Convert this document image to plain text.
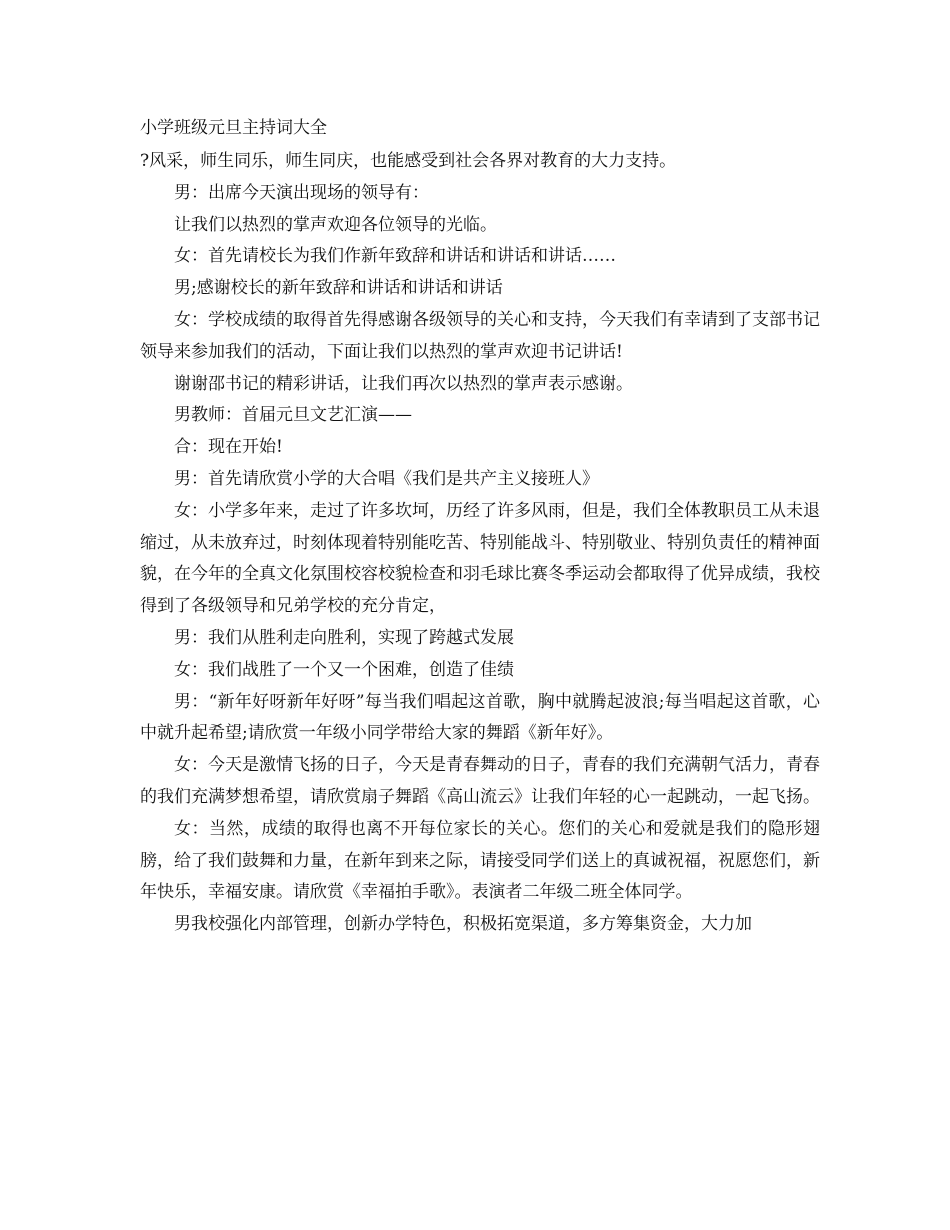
小学班级元旦主持词大全

?风采，师生同乐，师生同庆，也能感受到社会各界对教育的大力支持。

男：出席今天演出现场的领导有：

让我们以热烈的掌声欢迎各位领导的光临。

女：首先请校长为我们作新年致辞和讲话和讲话和讲话……

男;感谢校长的新年致辞和讲话和讲话和讲话

女：学校成绩的取得首先得感谢各级领导的关心和支持，今天我们有幸请到了支部书记领导来参加我们的活动，下面让我们以热烈的掌声欢迎书记讲话!

谢谢邵书记的精彩讲话，让我们再次以热烈的掌声表示感谢。

男教师：首届元旦文艺汇演——

合：现在开始!

男：首先请欣赏小学的大合唱《我们是共产主义接班人》

女：小学多年来，走过了许多坎坷，历经了许多风雨，但是，我们全体教职员工从未退缩过，从未放弃过，时刻体现着特别能吃苦、特别能战斗、特别敬业、特别负责任的精神面貌，在今年的全真文化氛围校容校貌检查和羽毛球比赛冬季运动会都取得了优异成绩，我校得到了各级领导和兄弟学校的充分肯定，

男：我们从胜利走向胜利，实现了跨越式发展

女：我们战胜了一个又一个困难，创造了佳绩

男：“新年好呀新年好呀”每当我们唱起这首歌，胸中就腾起波浪;每当唱起这首歌，心中就升起希望;请欣赏一年级小同学带给大家的舞蹈《新年好》。

女：今天是激情飞扬的日子，今天是青春舞动的日子，青春的我们充满朝气活力，青春的我们充满梦想希望，请欣赏扇子舞蹈《高山流云》让我们年轻的心一起跳动，一起飞扬。

女：当然，成绩的取得也离不开每位家长的关心。您们的关心和爱就是我们的隐形翅膀，给了我们鼓舞和力量，在新年到来之际，请接受同学们送上的真诚祝福，祝愿您们，新年快乐，幸福安康。请欣赏《幸福拍手歌》。表演者二年级二班全体同学。

男我校强化内部管理，创新办学特色，积极拓宽渠道，多方筹集资金，大力加
